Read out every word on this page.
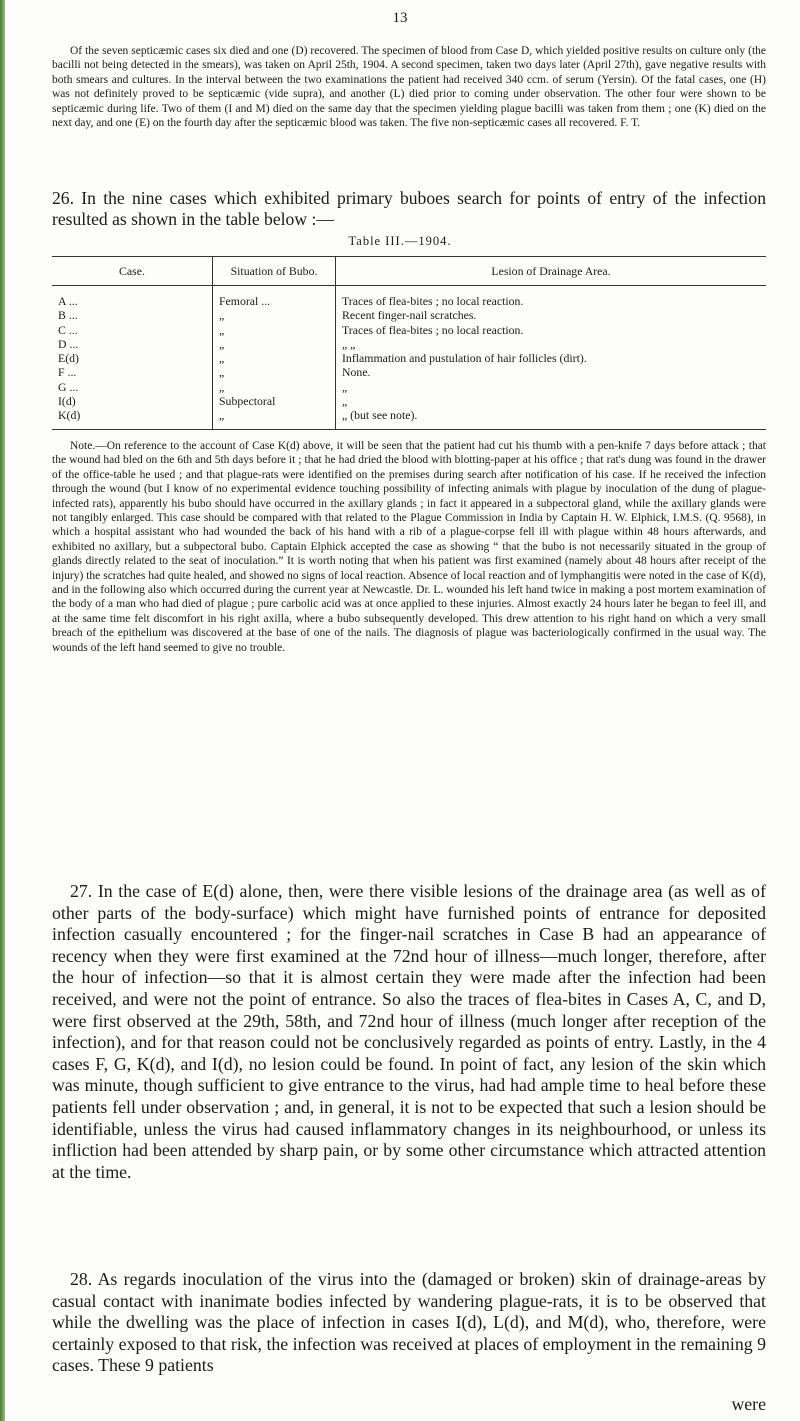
13

Of the seven septicæmic cases six died and one (D) recovered. The specimen of blood from Case D, which yielded positive results on culture only (the bacilli not being detected in the smears), was taken on April 25th, 1904. A second specimen, taken two days later (April 27th), gave negative results with both smears and cultures. In the interval between the two examinations the patient had received 340 ccm. of serum (Yersin). Of the fatal cases, one (H) was not definitely proved to be septicæmic (vide supra), and another (L) died prior to coming under observation. The other four were shown to be septicæmic during life. Two of them (I and M) died on the same day that the specimen yielding plague bacilli was taken from them ; one (K) died on the next day, and one (E) on the fourth day after the septicæmic blood was taken. The five non-septicæmic cases all recovered. F. T.

26. In the nine cases which exhibited primary buboes search for points of entry of the infection resulted as shown in the table below :—

Table III.—1904.
Case.	Situation of Bubo.	Lesion of Drainage Area.
A ...	Femoral ...	Traces of flea-bites ; no local reaction.
B ...	„	Recent finger-nail scratches.
C ...	„	Traces of flea-bites ; no local reaction.
D ...	„	„ „
E(d)	„	Inflammation and pustulation of hair follicles (dirt).
F ...	„	None.
G ...	„	„
I(d)	Subpectoral	„
K(d)	„	„ (but see note).

Note.—On reference to the account of Case K(d) above, it will be seen that the patient had cut his thumb with a pen-knife 7 days before attack ; that the wound had bled on the 6th and 5th days before it ; that he had dried the blood with blotting-paper at his office ; that rat's dung was found in the drawer of the office-table he used ; and that plague-rats were identified on the premises during search after notification of his case. If he received the infection through the wound (but I know of no experimental evidence touching possibility of infecting animals with plague by inoculation of the dung of plague-infected rats), apparently his bubo should have occurred in the axillary glands ; in fact it appeared in a subpectoral gland, while the axillary glands were not tangibly enlarged. This case should be compared with that related to the Plague Commission in India by Captain H. W. Elphick, I.M.S. (Q. 9568), in which a hospital assistant who had wounded the back of his hand with a rib of a plague-corpse fell ill with plague within 48 hours afterwards, and exhibited no axillary, but a subpectoral bubo. Captain Elphick accepted the case as showing “ that the bubo is not necessarily situated in the group of glands directly related to the seat of inoculation.” It is worth noting that when his patient was first examined (namely about 48 hours after receipt of the injury) the scratches had quite healed, and showed no signs of local reaction. Absence of local reaction and of lymphangitis were noted in the case of K(d), and in the following also which occurred during the current year at Newcastle. Dr. L. wounded his left hand twice in making a post mortem examination of the body of a man who had died of plague ; pure carbolic acid was at once applied to these injuries. Almost exactly 24 hours later he began to feel ill, and at the same time felt discomfort in his right axilla, where a bubo subsequently developed. This drew attention to his right hand on which a very small breach of the epithelium was discovered at the base of one of the nails. The diagnosis of plague was bacteriologically confirmed in the usual way. The wounds of the left hand seemed to give no trouble.

27. In the case of E(d) alone, then, were there visible lesions of the drainage area (as well as of other parts of the body-surface) which might have furnished points of entrance for deposited infection casually encountered ; for the finger-nail scratches in Case B had an appearance of recency when they were first examined at the 72nd hour of illness—much longer, therefore, after the hour of infection—so that it is almost certain they were made after the infection had been received, and were not the point of entrance. So also the traces of flea-bites in Cases A, C, and D, were first observed at the 29th, 58th, and 72nd hour of illness (much longer after reception of the infection), and for that reason could not be conclusively regarded as points of entry. Lastly, in the 4 cases F, G, K(d), and I(d), no lesion could be found. In point of fact, any lesion of the skin which was minute, though sufficient to give entrance to the virus, had had ample time to heal before these patients fell under observation ; and, in general, it is not to be expected that such a lesion should be identifiable, unless the virus had caused inflammatory changes in its neighbourhood, or unless its infliction had been attended by sharp pain, or by some other circumstance which attracted attention at the time.

28. As regards inoculation of the virus into the (damaged or broken) skin of drainage-areas by casual contact with inanimate bodies infected by wandering plague-rats, it is to be observed that while the dwelling was the place of infection in cases I(d), L(d), and M(d), who, therefore, were certainly exposed to that risk, the infection was received at places of employment in the remaining 9 cases. These 9 patients

were
